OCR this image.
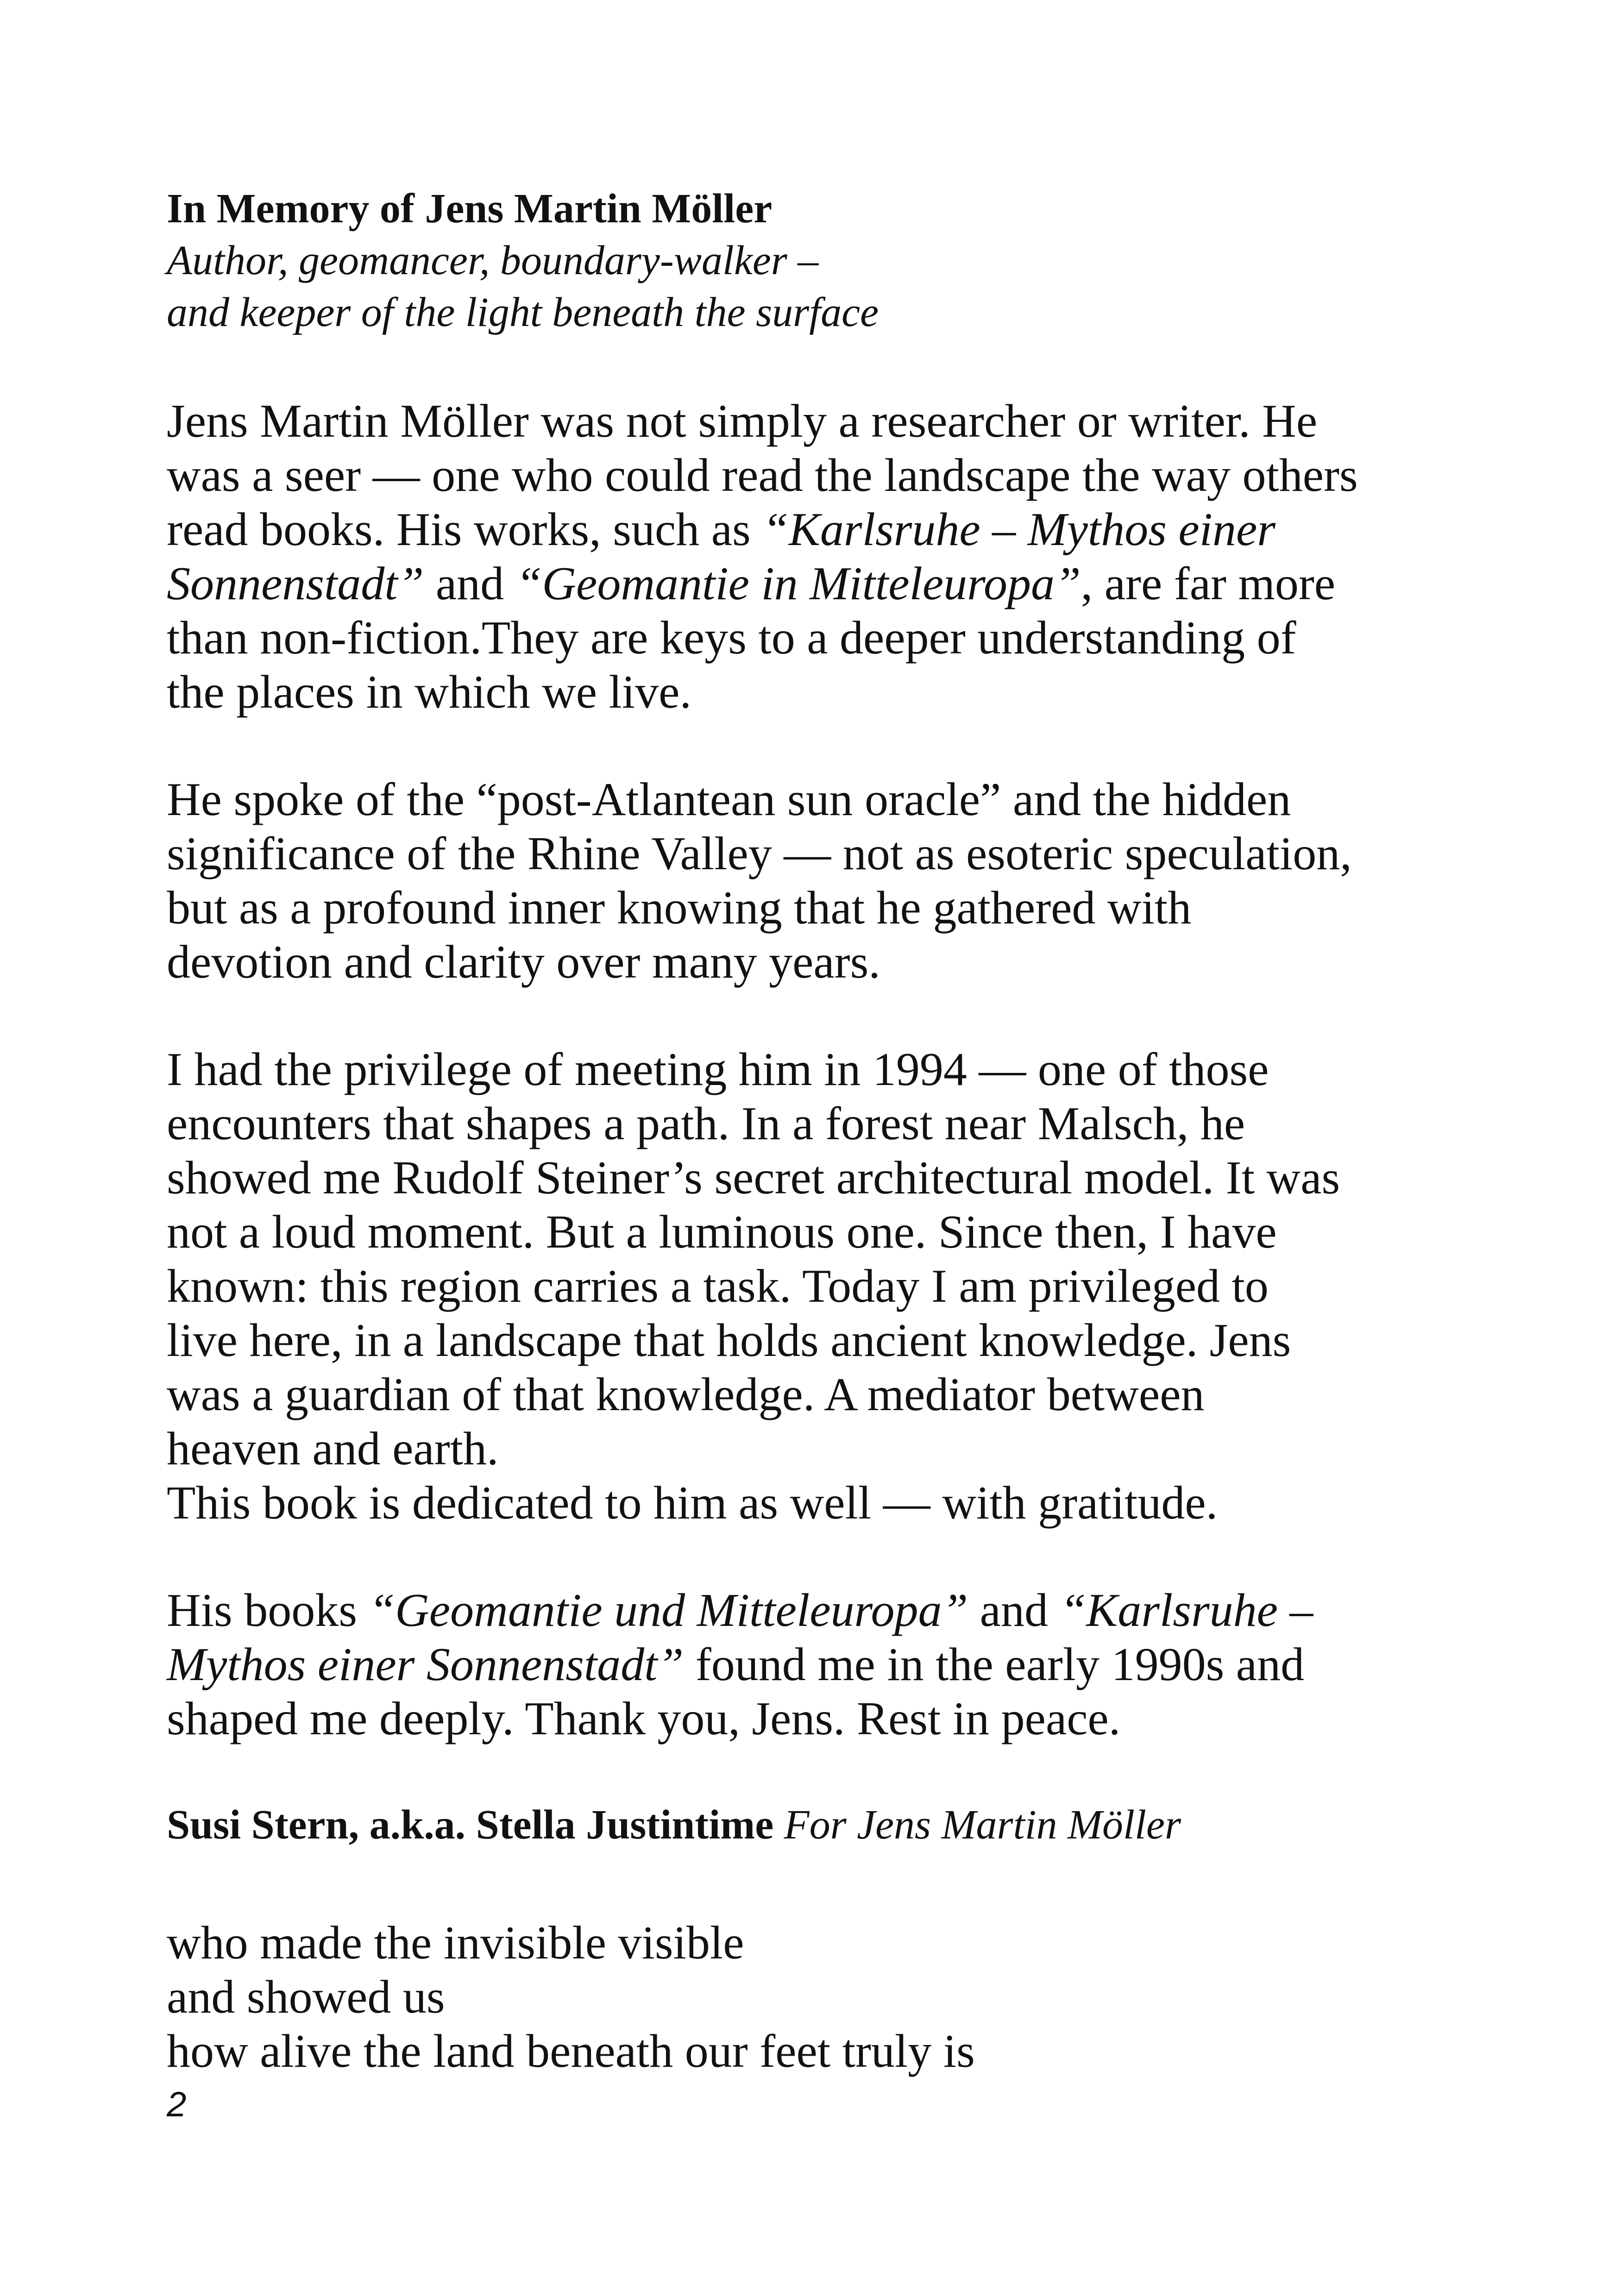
In Memory of Jens Martin Möller

Author, geomancer, boundary-walker –
and keeper of the light beneath the surface

Jens Martin Möller was not simply a researcher or writer. He
was a seer — one who could read the landscape the way others
read books. His works, such as “Karlsruhe – Mythos einer
Sonnenstadt” and “Geomantie in Mitteleuropa”, are far more
than non-fiction.They are keys to a deeper understanding of
the places in which we live.

He spoke of the “post-Atlantean sun oracle” and the hidden
significance of the Rhine Valley — not as esoteric speculation,
but as a profound inner knowing that he gathered with
devotion and clarity over many years.

I had the privilege of meeting him in 1994 — one of those
encounters that shapes a path. In a forest near Malsch, he
showed me Rudolf Steiner’s secret architectural model. It was
not a loud moment. But a luminous one. Since then, I have
known: this region carries a task. Today I am privileged to
live here, in a landscape that holds ancient knowledge. Jens
was a guardian of that knowledge. A mediator between
heaven and earth.
This book is dedicated to him as well — with gratitude.

His books “Geomantie und Mitteleuropa” and “Karlsruhe –
Mythos einer Sonnenstadt” found me in the early 1990s and
shaped me deeply. Thank you, Jens. Rest in peace.

Susi Stern, a.k.a. Stella Justintime For Jens Martin Möller

who made the invisible visible
and showed us
how alive the land beneath our feet truly is

2
